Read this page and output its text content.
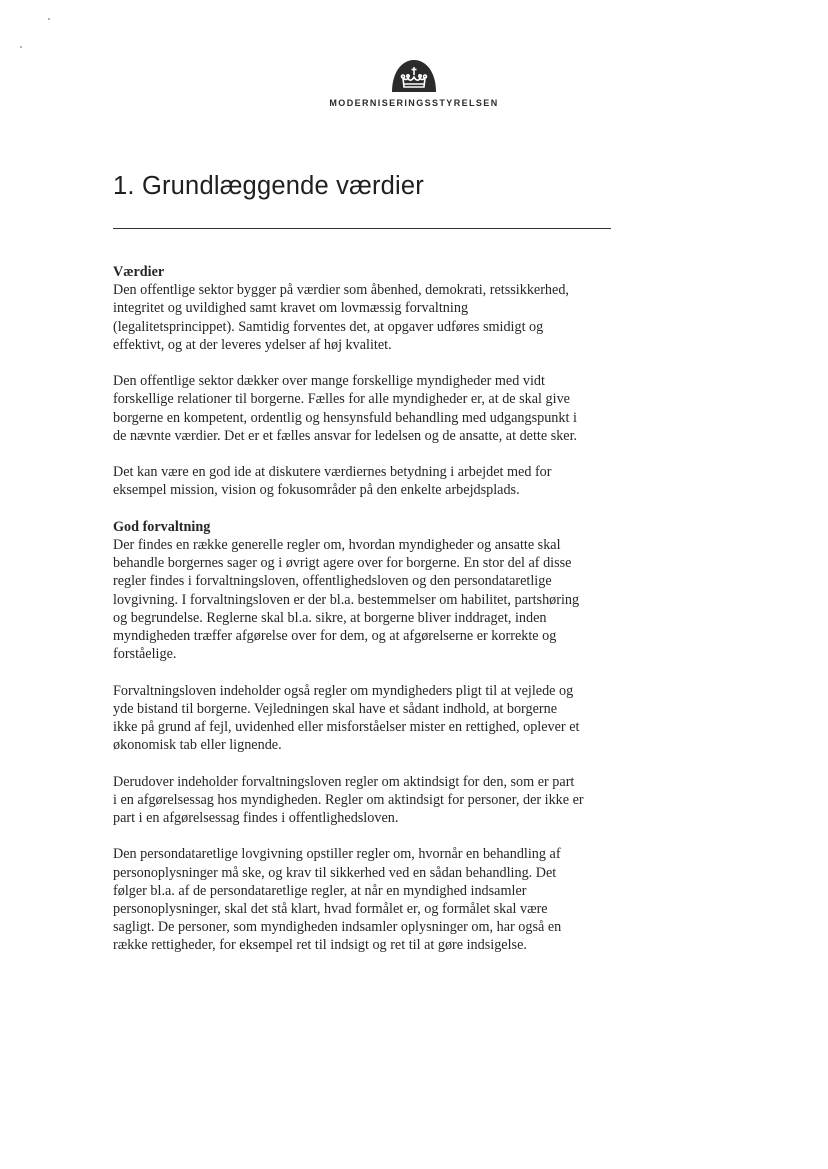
moderniseringsstyrelsen
1. Grundlæggende værdier
Værdier

Den offentlige sektor bygger på værdier som åbenhed, demokrati, retssikkerhed,
integritet og uvildighed samt kravet om lovmæssig forvaltning
(legalitetsprincippet). Samtidig forventes det, at opgaver udføres smidigt og
effektivt, og at der leveres ydelser af høj kvalitet.

Den offentlige sektor dækker over mange forskellige myndigheder med vidt
forskellige relationer til borgerne. Fælles for alle myndigheder er, at de skal give
borgerne en kompetent, ordentlig og hensynsfuld behandling med udgangspunkt i
de nævnte værdier. Det er et fælles ansvar for ledelsen og de ansatte, at dette sker.

Det kan være en god ide at diskutere værdiernes betydning i arbejdet med for
eksempel mission, vision og fokusområder på den enkelte arbejdsplads.

God forvaltning

Der findes en række generelle regler om, hvordan myndigheder og ansatte skal
behandle borgernes sager og i øvrigt agere over for borgerne. En stor del af disse
regler findes i forvaltningsloven, offentlighedsloven og den persondataretlige
lovgivning. I forvaltningsloven er der bl.a. bestemmelser om habilitet, partshøring
og begrundelse. Reglerne skal bl.a. sikre, at borgerne bliver inddraget, inden
myndigheden træffer afgørelse over for dem, og at afgørelserne er korrekte og
forståelige.

Forvaltningsloven indeholder også regler om myndigheders pligt til at vejlede og
yde bistand til borgerne. Vejledningen skal have et sådant indhold, at borgerne
ikke på grund af fejl, uvidenhed eller misforståelser mister en rettighed, oplever et
økonomisk tab eller lignende.

Derudover indeholder forvaltningsloven regler om aktindsigt for den, som er part
i en afgørelsessag hos myndigheden. Regler om aktindsigt for personer, der ikke er
part i en afgørelsessag findes i offentlighedsloven.

Den persondataretlige lovgivning opstiller regler om, hvornår en behandling af
personoplysninger må ske, og krav til sikkerhed ved en sådan behandling. Det
følger bl.a. af de persondataretlige regler, at når en myndighed indsamler
personoplysninger, skal det stå klart, hvad formålet er, og formålet skal være
sagligt. De personer, som myndigheden indsamler oplysninger om, har også en
række rettigheder, for eksempel ret til indsigt og ret til at gøre indsigelse.
